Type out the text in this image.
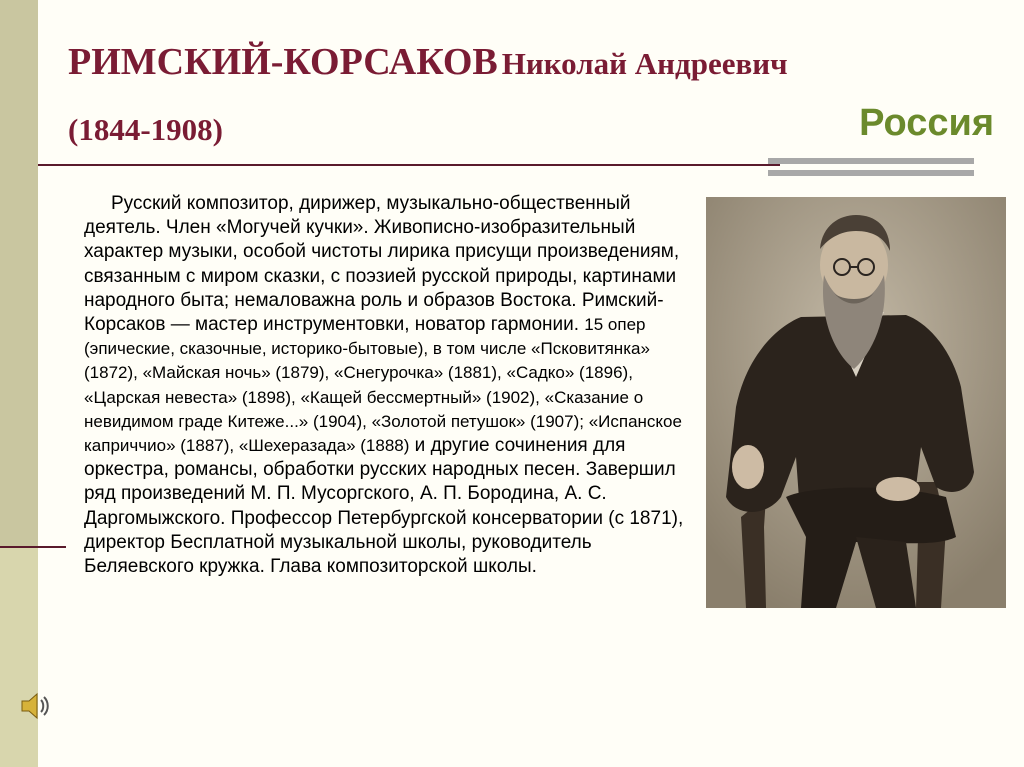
РИМСКИЙ-КОРСАКОВ Николай Андреевич
(1844-1908)	Россия
Русский композитор, дирижер, музыкально-общественный деятель. Член «Могучей кучки». Живописно-изобразительный характер музыки, особой чистоты лирика присущи произведениям, связанным с миром сказки, с поэзией русской природы, картинами народного быта; немаловажна роль и образов Востока. Римский-Корсаков — мастер инструментовки, новатор гармонии. 15 опер (эпические, сказочные, историко-бытовые), в том числе «Псковитянка» (1872), «Майская ночь» (1879), «Снегурочка» (1881), «Садко» (1896), «Царская невеста» (1898), «Кащей бессмертный» (1902), «Сказание о невидимом граде Китеже...» (1904), «Золотой петушок» (1907); «Испанское каприччио» (1887), «Шехеразада» (1888) и другие сочинения для оркестра, романсы, обработки русских народных песен. Завершил ряд произведений М. П. Мусоргского, А. П. Бородина, А. С. Даргомыжского. Профессор Петербургской консерватории (с 1871), директор Бесплатной музыкальной школы, руководитель Беляевского кружка. Глава композиторской школы.
